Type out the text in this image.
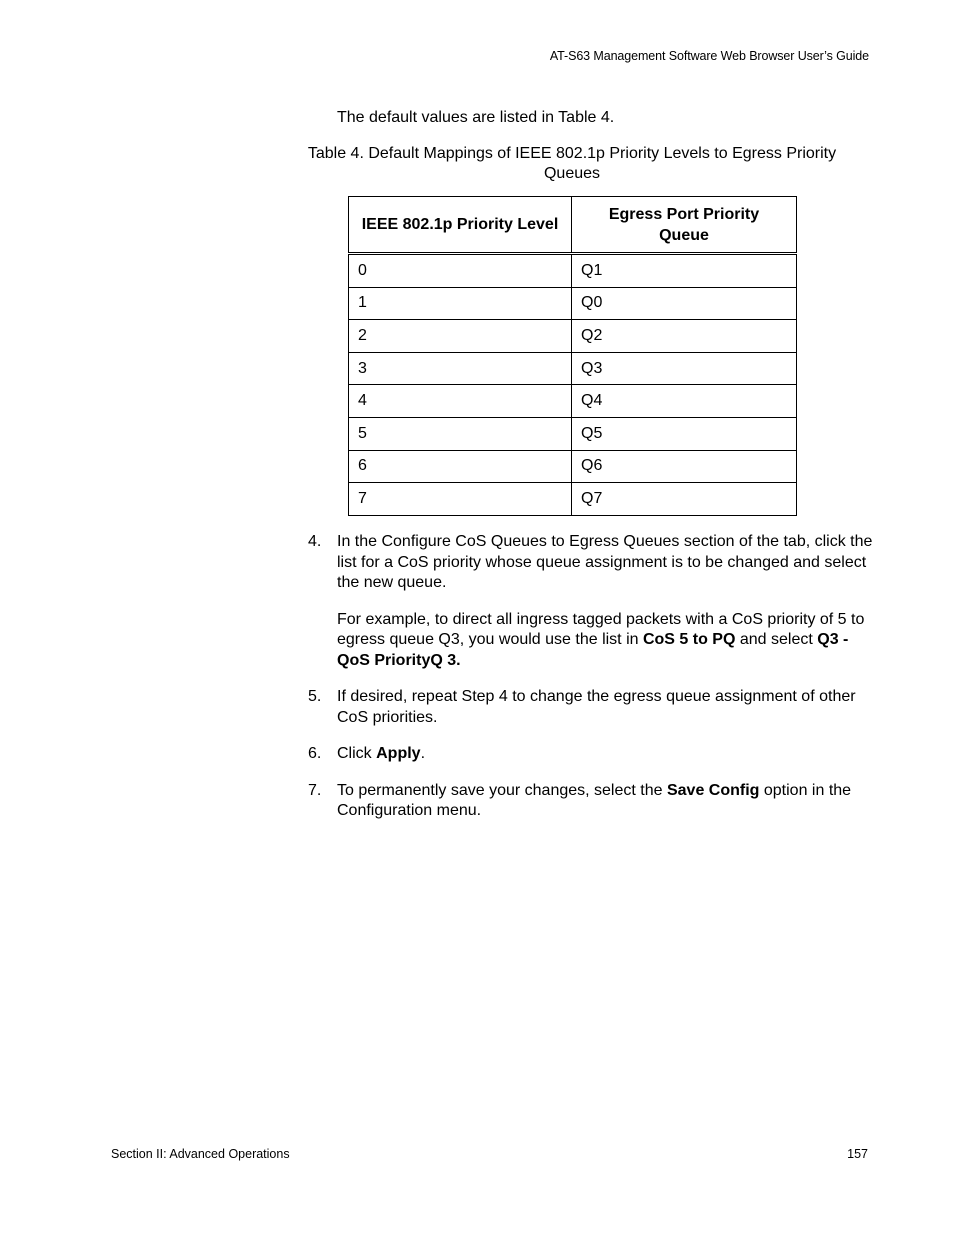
AT-S63 Management Software Web Browser User’s Guide
The default values are listed in Table 4.
Table 4. Default Mappings of IEEE 802.1p Priority Levels to Egress Priority Queues
IEEE 802.1p Priority Level	Egress Port Priority Queue
0	Q1
1	Q0
2	Q2
3	Q3
4	Q4
5	Q5
6	Q6
7	Q7
4. In the Configure CoS Queues to Egress Queues section of the tab, click the list for a CoS priority whose queue assignment is to be changed and select the new queue.

For example, to direct all ingress tagged packets with a CoS priority of 5 to egress queue Q3, you would use the list in CoS 5 to PQ and select Q3 - QoS PriorityQ 3.

5. If desired, repeat Step 4 to change the egress queue assignment of other CoS priorities.

6. Click Apply.

7. To permanently save your changes, select the Save Config option in the Configuration menu.

Section II: Advanced Operations	157
